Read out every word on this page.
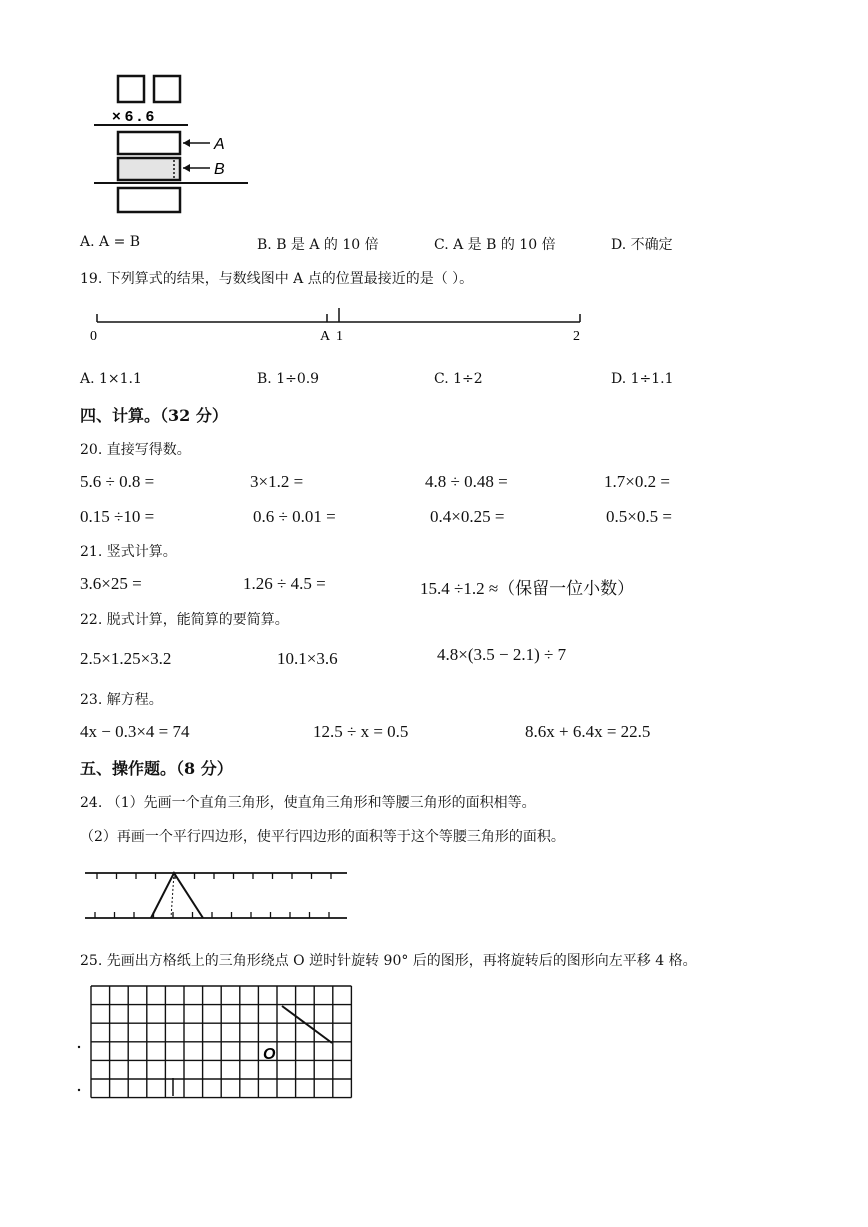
× 6 . 6
A
B
A. A = B	B. B 是 A 的 10 倍	C. A 是 B 的 10 倍	D. 不确定
19. 下列算式的结果，与数线图中 A 点的位置最接近的是（ ）。
0	A 1	2
A. 1×1.1	B. 1÷0.9	C. 1÷2	D. 1÷1.1
四、计算。（32 分）
20. 直接写得数。
5.6 ÷ 0.8 =	3×1.2 =	4.8 ÷ 0.48 =	1.7×0.2 =
0.15 ÷10 =	0.6 ÷ 0.01 =	0.4×0.25 =	0.5×0.5 =
21. 竖式计算。
3.6×25 =	1.26 ÷ 4.5 =	15.4 ÷1.2 ≈（保留一位小数）
22. 脱式计算，能简算的要简算。
2.5×1.25×3.2	10.1×3.6	4.8×(3.5 − 2.1) ÷ 7
23. 解方程。
4x − 0.3×4 = 74	12.5 ÷ x = 0.5	8.6x + 6.4x = 22.5
五、操作题。（8 分）
24. （1）先画一个直角三角形，使直角三角形和等腰三角形的面积相等。
（2）再画一个平行四边形，使平行四边形的面积等于这个等腰三角形的面积。
25. 先画出方格纸上的三角形绕点 O 逆时针旋转 90° 后的图形，再将旋转后的图形向左平移 4 格。
O
